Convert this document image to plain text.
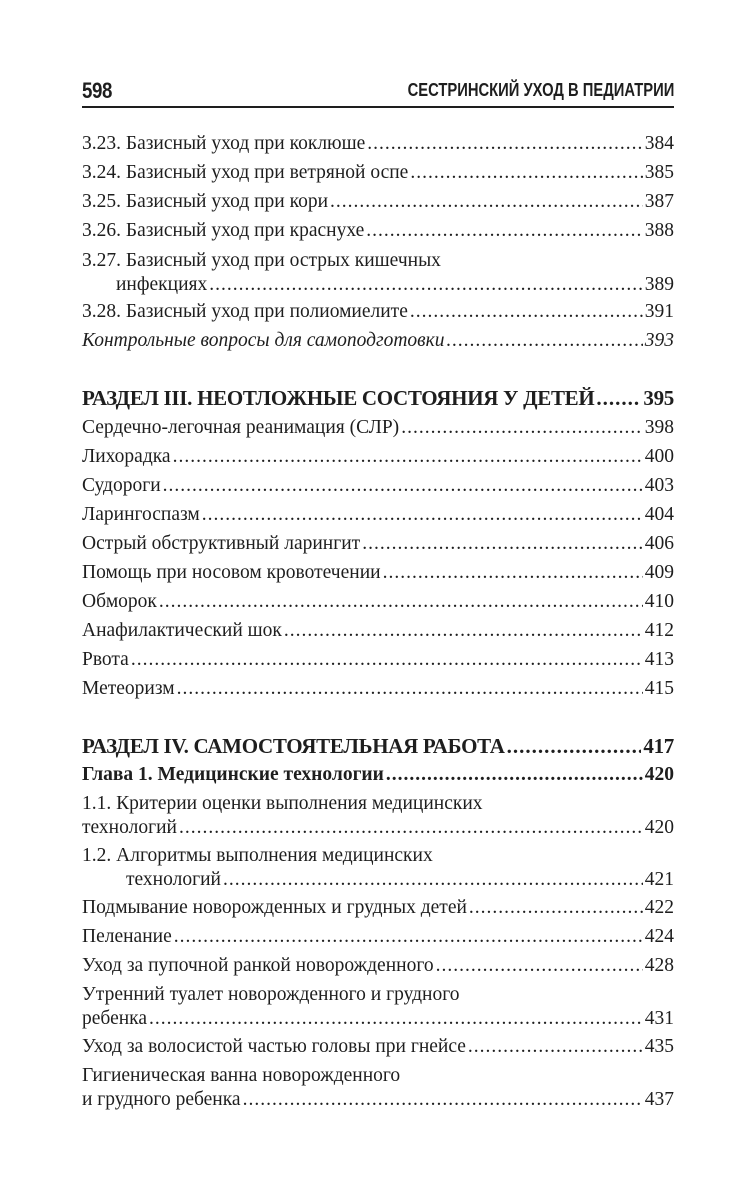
598	СЕСТРИНСКИЙ УХОД В ПЕДИАТРИИ
3.23. Базисный уход при коклюше .....	384
3.24. Базисный уход при ветряной оспе .....	385
3.25. Базисный уход при кори .....	387
3.26. Базисный уход при краснухе .....	388
3.27. Базисный уход при острых кишечных
инфекциях .....	389
3.28. Базисный уход при полиомиелите .....	391
Контрольные вопросы для самоподготовки .....	393
РАЗДЕЛ III. НЕОТЛОЖНЫЕ СОСТОЯНИЯ У ДЕТЕЙ ..... 395
Сердечно-легочная реанимация (СЛР) .....	398
Лихорадка .....	400
Судороги .....	403
Ларингоспазм .....	404
Острый обструктивный ларингит .....	406
Помощь при носовом кровотечении .....	409
Обморок .....	410
Анафилактический шок .....	412
Рвота .....	413
Метеоризм .....	415
РАЗДЕЛ IV. САМОСТОЯТЕЛЬНАЯ РАБОТА .....	417
Глава 1. Медицинские технологии .....	420
1.1. Критерии оценки выполнения медицинских
технологий .....	420
1.2. Алгоритмы выполнения медицинских
технологий .....	421
Подмывание новорожденных и грудных детей .....	422
Пеленание .....	424
Уход за пупочной ранкой новорожденного .....	428
Утренний туалет новорожденного и грудного
ребенка .....	431
Уход за волосистой частью головы при гнейсе .....	435
Гигиеническая ванна новорожденного
и грудного ребенка .....	437
